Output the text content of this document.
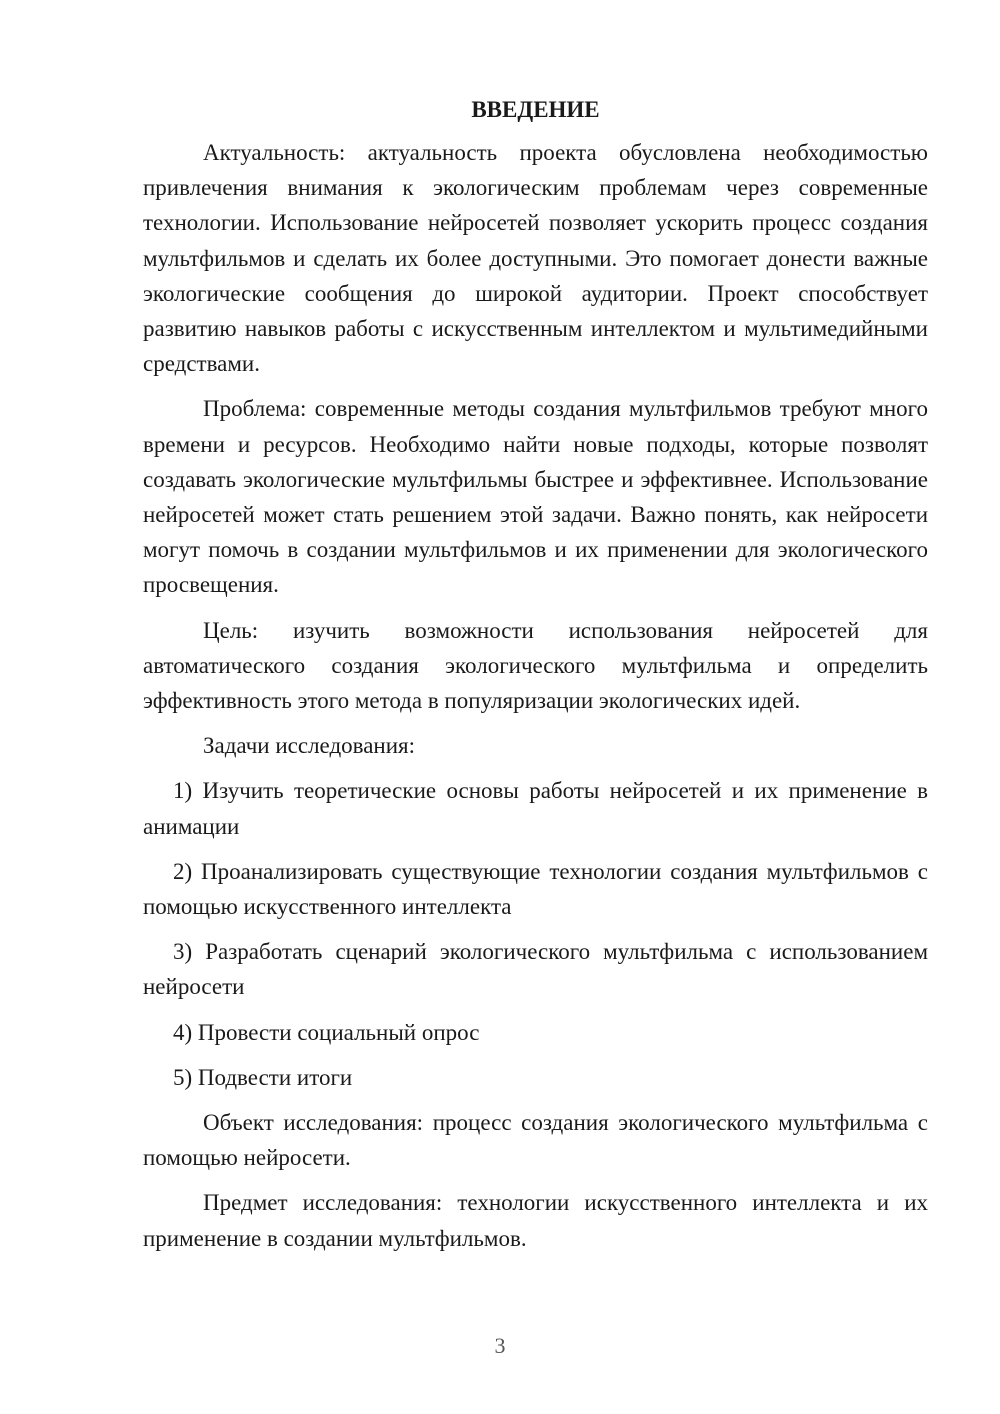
ВВЕДЕНИЕ

Актуальность: актуальность проекта обусловлена необходимостью привлечения внимания к экологическим проблемам через современные технологии. Использование нейросетей позволяет ускорить процесс создания мультфильмов и сделать их более доступными. Это помогает донести важные экологические сообщения до широкой аудитории. Проект способствует развитию навыков работы с искусственным интеллектом и мультимедийными средствами.

Проблема: современные методы создания мультфильмов требуют много времени и ресурсов. Необходимо найти новые подходы, которые позволят создавать экологические мультфильмы быстрее и эффективнее. Использование нейросетей может стать решением этой задачи. Важно понять, как нейросети могут помочь в создании мультфильмов и их применении для экологического просвещения.

Цель: изучить возможности использования нейросетей для автоматического создания экологического мультфильма и определить эффективность этого метода в популяризации экологических идей.

Задачи исследования:

1) Изучить теоретические основы работы нейросетей и их применение в анимации

2) Проанализировать существующие технологии создания мультфильмов с помощью искусственного интеллекта

3) Разработать сценарий экологического мультфильма с использованием нейросети

4) Провести социальный опрос

5) Подвести итоги

Объект исследования: процесс создания экологического мультфильма с помощью нейросети.

Предмет исследования: технологии искусственного интеллекта и их применение в создании мультфильмов.

3
